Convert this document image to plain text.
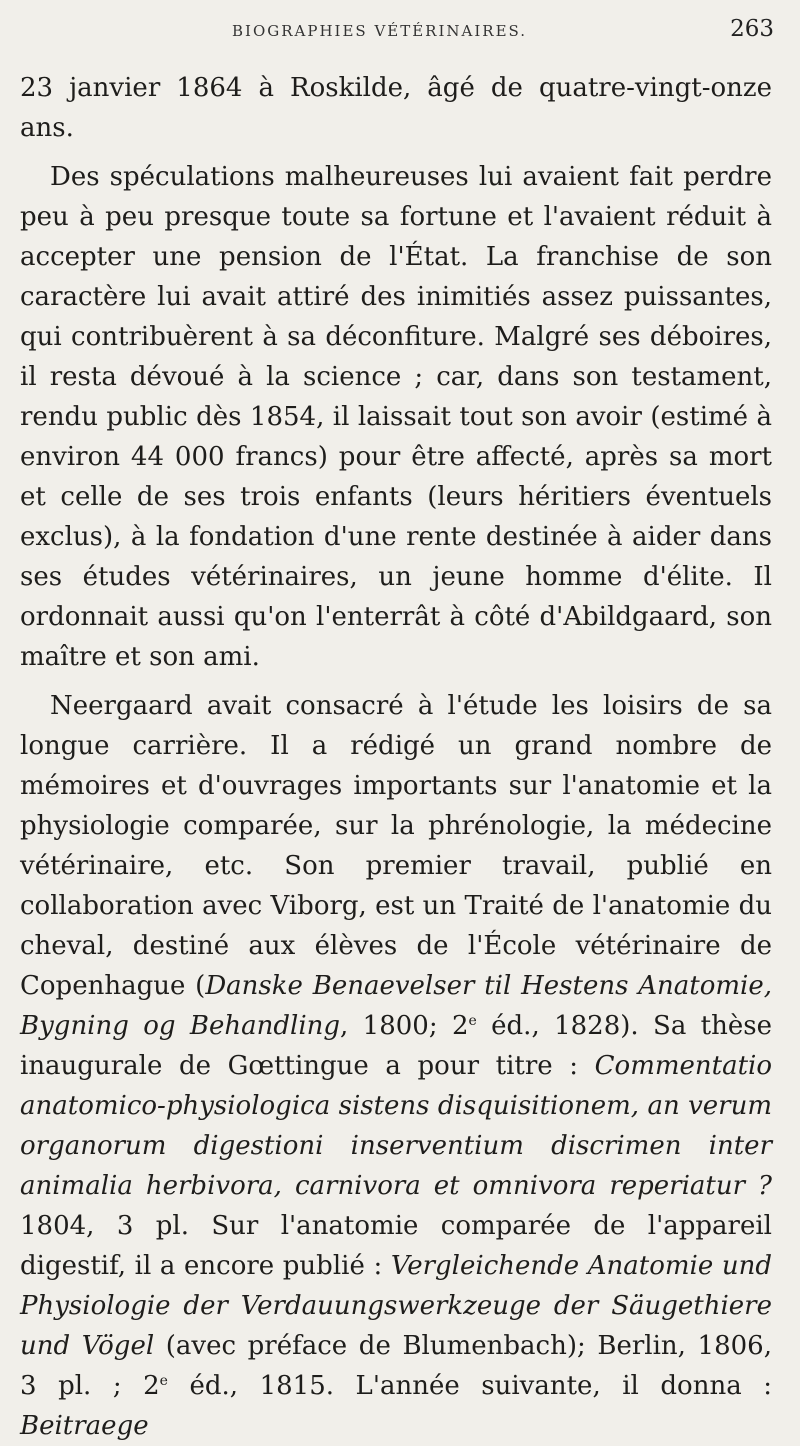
BIOGRAPHIES VÉTÉRINAIRES.	263

23 janvier 1864 à Roskilde, âgé de quatre-vingt-onze ans.

Des spéculations malheureuses lui avaient fait perdre peu à peu presque toute sa fortune et l'avaient réduit à accepter une pension de l'État. La franchise de son caractère lui avait attiré des inimitiés assez puissantes, qui contribuèrent à sa déconfiture. Malgré ses déboires, il resta dévoué à la science ; car, dans son testament, rendu public dès 1854, il laissait tout son avoir (estimé à environ 44 000 francs) pour être affecté, après sa mort et celle de ses trois enfants (leurs héritiers éventuels exclus), à la fondation d'une rente destinée à aider dans ses études vétérinaires, un jeune homme d'élite. Il ordonnait aussi qu'on l'enterrât à côté d'Abildgaard, son maître et son ami.

Neergaard avait consacré à l'étude les loisirs de sa longue carrière. Il a rédigé un grand nombre de mémoires et d'ouvrages importants sur l'anatomie et la physiologie comparée, sur la phrénologie, la médecine vétérinaire, etc. Son premier travail, publié en collaboration avec Viborg, est un Traité de l'anatomie du cheval, destiné aux élèves de l'École vétérinaire de Copenhague (Danske Benaevelser til Hestens Anatomie, Bygning og Behandling, 1800; 2e éd., 1828). Sa thèse inaugurale de Gœttingue a pour titre : Commentatio anatomico-physiologica sistens disquisitionem, an verum organorum digestioni inserventium discrimen inter animalia herbivora, carnivora et omnivora reperiatur ? 1804, 3 pl. Sur l'anatomie comparée de l'appareil digestif, il a encore publié : Vergleichende Anatomie und Physiologie der Verdauungswerkzeuge der Säugethiere und Vögel (avec préface de Blumenbach); Berlin, 1806, 3 pl. ; 2e éd., 1815. L'année suivante, il donna : Beitraege
